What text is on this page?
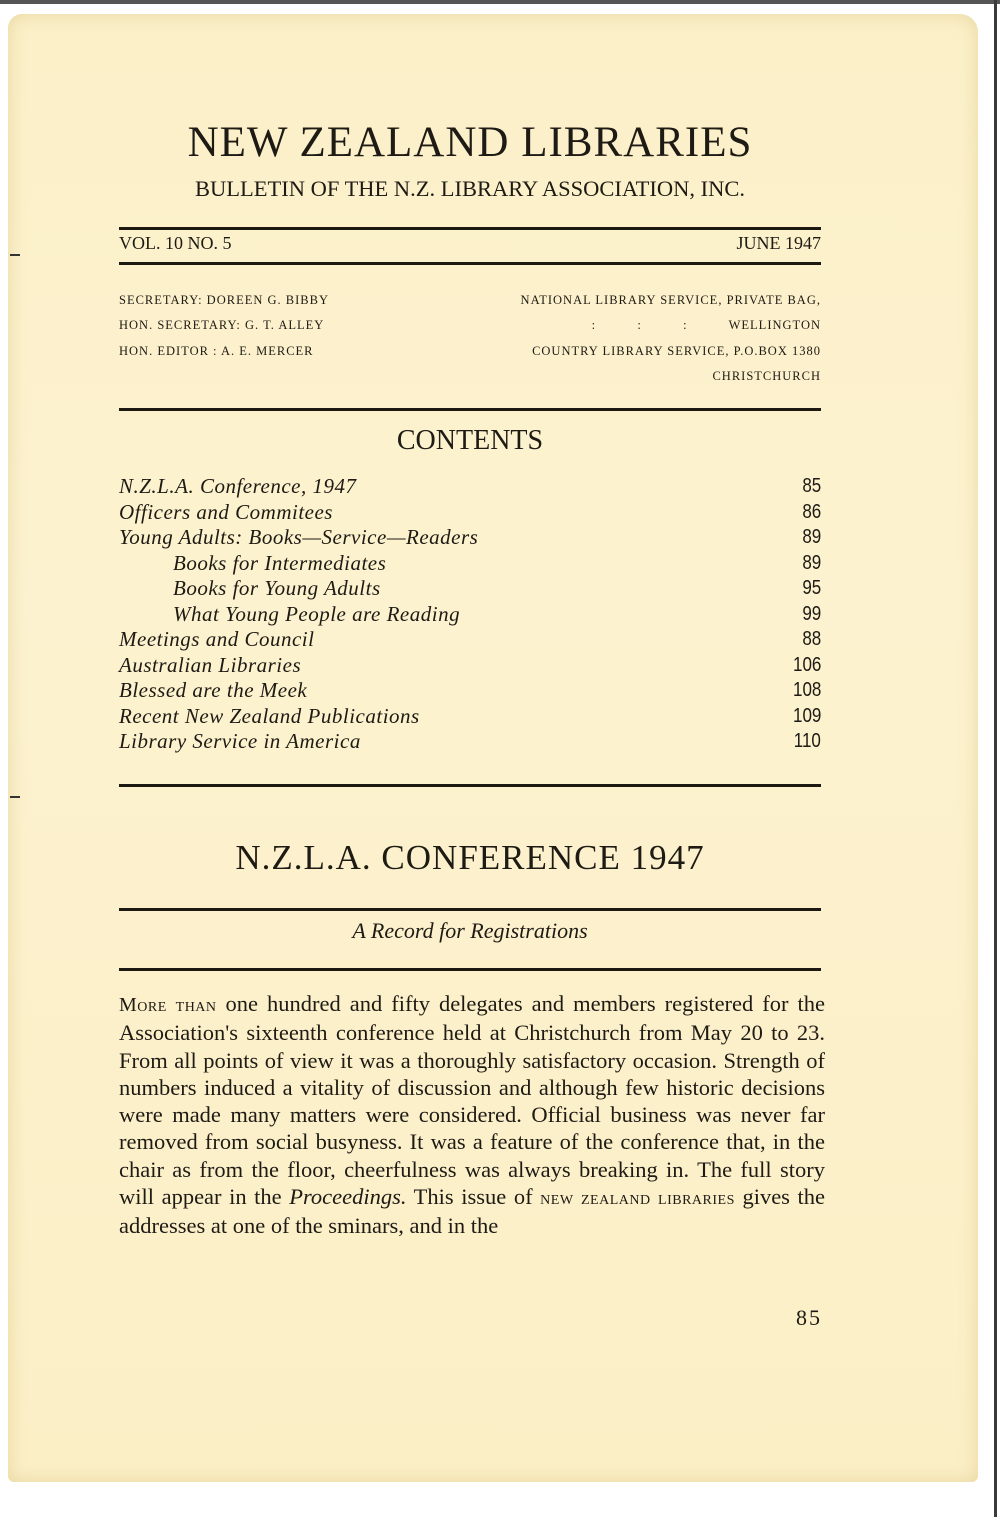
NEW ZEALAND LIBRARIES
BULLETIN OF THE N.Z. LIBRARY ASSOCIATION, INC.
VOL. 10 NO. 5	JUNE 1947
SECRETARY: DOREEN G. BIBBY
HON. SECRETARY: G. T. ALLEY
HON. EDITOR : A. E. MERCER
NATIONAL LIBRARY SERVICE, PRIVATE BAG,
:          :          :          WELLINGTON
COUNTRY LIBRARY SERVICE, P.O.BOX 1380
CHRISTCHURCH
CONTENTS
N.Z.L.A. Conference, 1947	85
Officers and Commitees	86
Young Adults: Books—Service—Readers	89
Books for Intermediates	89
Books for Young Adults	95
What Young People are Reading	99
Meetings and Council	88
Australian Libraries	106
Blessed are the Meek	108
Recent New Zealand Publications	109
Library Service in America	110
N.Z.L.A. CONFERENCE 1947
A Record for Registrations

More than one hundred and fifty delegates and members registered for the Association's sixteenth conference held at Christchurch from May 20 to 23. From all points of view it was a thoroughly satisfactory occasion. Strength of numbers induced a vitality of discussion and although few historic decisions were made many matters were considered. Official business was never far removed from social busyness. It was a feature of the conference that, in the chair as from the floor, cheerfulness was always breaking in. The full story will appear in the Proceedings. This issue of new zealand libraries gives the addresses at one of the sminars, and in the

85
